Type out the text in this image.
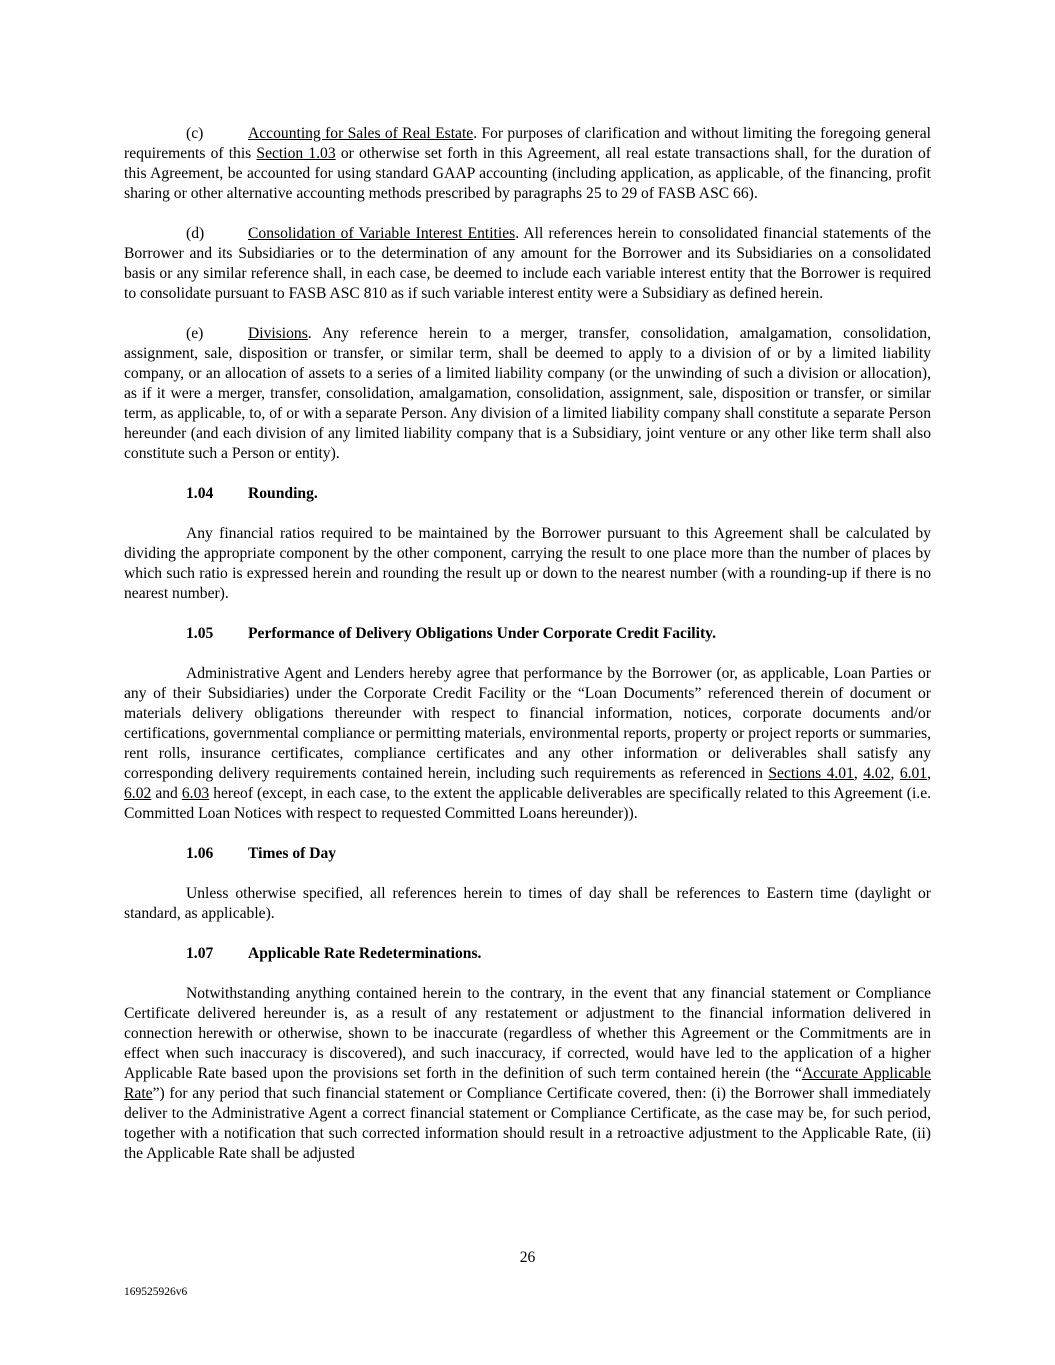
(c)	Accounting for Sales of Real Estate. For purposes of clarification and without limiting the foregoing general requirements of this Section 1.03 or otherwise set forth in this Agreement, all real estate transactions shall, for the duration of this Agreement, be accounted for using standard GAAP accounting (including application, as applicable, of the financing, profit sharing or other alternative accounting methods prescribed by paragraphs 25 to 29 of FASB ASC 66).

(d)	Consolidation of Variable Interest Entities. All references herein to consolidated financial statements of the Borrower and its Subsidiaries or to the determination of any amount for the Borrower and its Subsidiaries on a consolidated basis or any similar reference shall, in each case, be deemed to include each variable interest entity that the Borrower is required to consolidate pursuant to FASB ASC 810 as if such variable interest entity were a Subsidiary as defined herein.

(e)	Divisions. Any reference herein to a merger, transfer, consolidation, amalgamation, consolidation, assignment, sale, disposition or transfer, or similar term, shall be deemed to apply to a division of or by a limited liability company, or an allocation of assets to a series of a limited liability company (or the unwinding of such a division or allocation), as if it were a merger, transfer, consolidation, amalgamation, consolidation, assignment, sale, disposition or transfer, or similar term, as applicable, to, of or with a separate Person. Any division of a limited liability company shall constitute a separate Person hereunder (and each division of any limited liability company that is a Subsidiary, joint venture or any other like term shall also constitute such a Person or entity).

1.04 Rounding.

Any financial ratios required to be maintained by the Borrower pursuant to this Agreement shall be calculated by dividing the appropriate component by the other component, carrying the result to one place more than the number of places by which such ratio is expressed herein and rounding the result up or down to the nearest number (with a rounding-up if there is no nearest number).

1.05 Performance of Delivery Obligations Under Corporate Credit Facility.

Administrative Agent and Lenders hereby agree that performance by the Borrower (or, as applicable, Loan Parties or any of their Subsidiaries) under the Corporate Credit Facility or the “Loan Documents” referenced therein of document or materials delivery obligations thereunder with respect to financial information, notices, corporate documents and/or certifications, governmental compliance or permitting materials, environmental reports, property or project reports or summaries, rent rolls, insurance certificates, compliance certificates and any other information or deliverables shall satisfy any corresponding delivery requirements contained herein, including such requirements as referenced in Sections 4.01, 4.02, 6.01, 6.02 and 6.03 hereof (except, in each case, to the extent the applicable deliverables are specifically related to this Agreement (i.e. Committed Loan Notices with respect to requested Committed Loans hereunder)).

1.06 Times of Day

Unless otherwise specified, all references herein to times of day shall be references to Eastern time (daylight or standard, as applicable).

1.07 Applicable Rate Redeterminations.

Notwithstanding anything contained herein to the contrary, in the event that any financial statement or Compliance Certificate delivered hereunder is, as a result of any restatement or adjustment to the financial information delivered in connection herewith or otherwise, shown to be inaccurate (regardless of whether this Agreement or the Commitments are in effect when such inaccuracy is discovered), and such inaccuracy, if corrected, would have led to the application of a higher Applicable Rate based upon the provisions set forth in the definition of such term contained herein (the “Accurate Applicable Rate”) for any period that such financial statement or Compliance Certificate covered, then: (i) the Borrower shall immediately deliver to the Administrative Agent a correct financial statement or Compliance Certificate, as the case may be, for such period, together with a notification that such corrected information should result in a retroactive adjustment to the Applicable Rate, (ii) the Applicable Rate shall be adjusted

26
169525926v6
